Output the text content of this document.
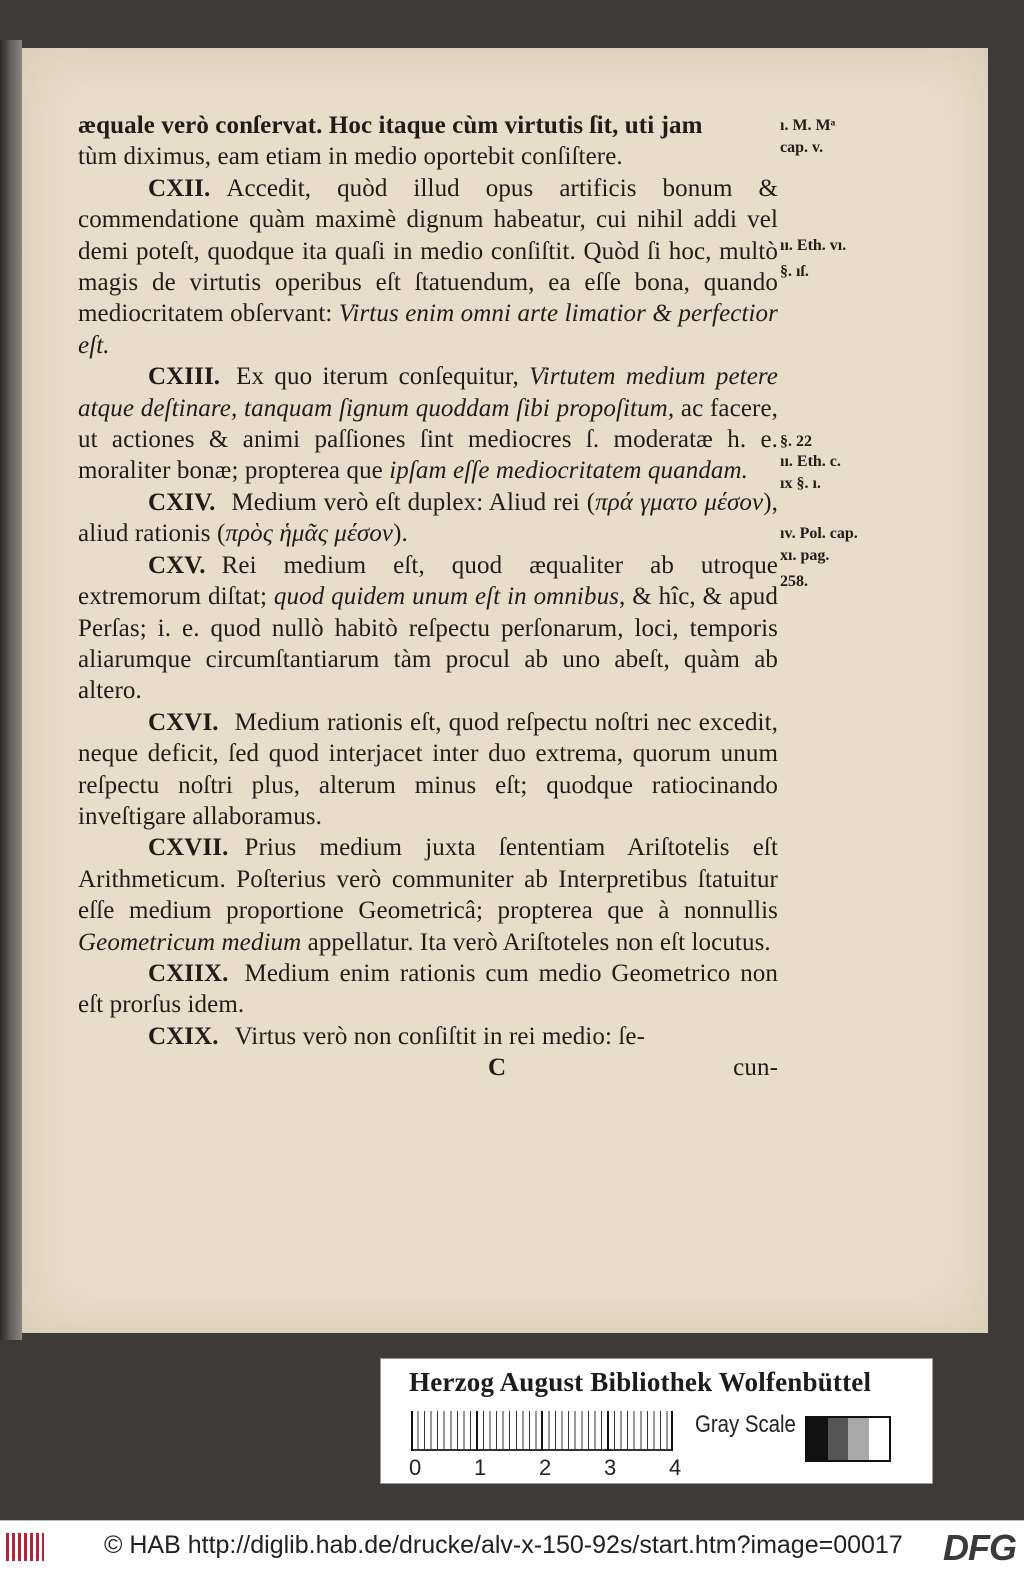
æquale verò conſervat. Hoc itaque cùm virtutis ſit, uti jam

tùm diximus, eam etiam in medio oportebit conſiſtere.

CXII. Accedit, quòd illud opus artificis bonum & commendatione quàm maximè dignum habeatur, cui nihil addi vel demi poteſt, quodque ita quaſi in medio conſiſtit. Quòd ſi hoc, multò magis de virtutis operibus eſt ſtatuendum, ea eſſe bona, quando mediocritatem obſervant: Virtus enim omni arte limatior & perfectior eſt.

CXIII. Ex quo iterum conſequitur, Virtutem medium petere atque deſtinare, tanquam ſignum quoddam ſibi propoſitum, ac facere, ut actiones & animi paſſiones ſint mediocres ſ. moderatæ h. e. moraliter bonæ; propterea que ipſam eſſe mediocritatem quandam.

CXIV. Medium verò eſt duplex: Aliud rei (πρά γματο μέσον), aliud rationis (πρὸς ἡμᾶς μέσον).

CXV. Rei medium eſt, quod æqualiter ab utroque extremorum diſtat; quod quidem unum eſt in omnibus, & hîc, & apud Perſas; i. e. quod nullò habitò reſpectu perſonarum, loci, temporis aliarumque circumſtantiarum tàm procul ab uno abeſt, quàm ab altero.

CXVI. Medium rationis eſt, quod reſpectu noſtri nec excedit, neque deficit, ſed quod interjacet inter duo extrema, quorum unum reſpectu noſtri plus, alterum minus eſt; quodque ratiocinando inveſtigare allaboramus.

CXVII. Prius medium juxta ſententiam Ariſtotelis eſt Arithmeticum. Poſterius verò communiter ab Interpretibus ſtatuitur eſſe medium proportione Geometricâ; propterea que à nonnullis Geometricum medium appellatur. Ita verò Ariſtoteles non eſt locutus.

CXIIX. Medium enim rationis cum medio Geometrico non eſt prorſus idem.

CXIX. Virtus verò non conſiſtit in rei medio: ſe-

C	cun-
ı. M. Mᵃ
cap. v.
ıı. Eth. vı.
§. ıſ.
§. 22
ıı. Eth. c.
ıx §. ı.
ıv. Pol. cap.
xı. pag.
258.
Herzog August Bibliothek Wolfenbüttel
0 1 2 3 4
Gray Scale
© HAB http://diglib.hab.de/drucke/alv-x-150-92s/start.htm?image=00017 DFG
